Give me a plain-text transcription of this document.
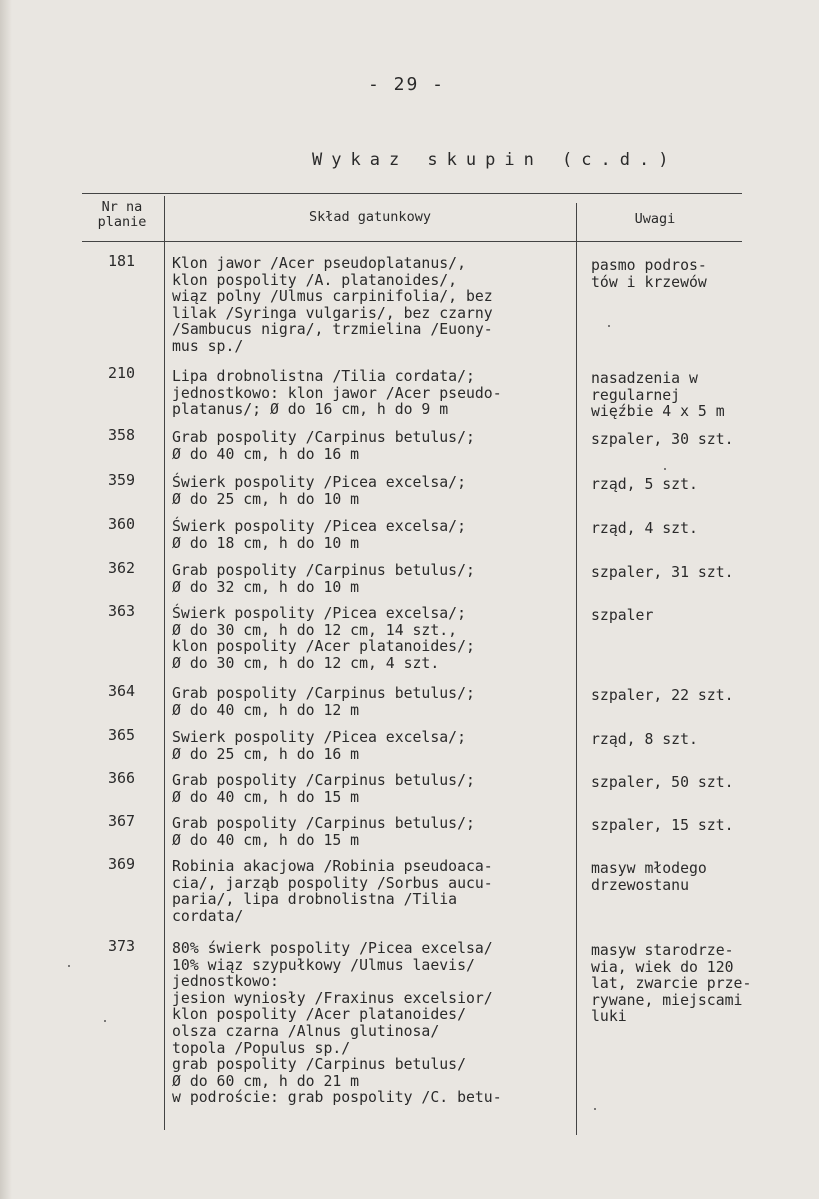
- 29 -
Wykaz skupin (c.d.)
Nr na
planie	Skład gatunkowy	Uwagi
181 Klon jawor /Acer pseudoplatanus/,
klon pospolity /A. platanoides/,
wiąz polny /Ulmus carpinifolia/, bez
lilak /Syringa vulgaris/, bez czarny
/Sambucus nigra/, trzmielina /Euony-
mus sp./
pasmo podros-
tów i krzewów
210 Lipa drobnolistna /Tilia cordata/;
jednostkowo: klon jawor /Acer pseudo-
platanus/; Ø do 16 cm, h do 9 m
nasadzenia w
regularnej
więźbie 4 x 5 m
358 Grab pospolity /Carpinus betulus/;
Ø do 40 cm, h do 16 m
szpaler, 30 szt.
359 Świerk pospolity /Picea excelsa/;
Ø do 25 cm, h do 10 m
rząd, 5 szt.
360 Świerk pospolity /Picea excelsa/;
Ø do 18 cm, h do 10 m
rząd, 4 szt.
362 Grab pospolity /Carpinus betulus/;
Ø do 32 cm, h do 10 m
szpaler, 31 szt.
363 Świerk pospolity /Picea excelsa/;
Ø do 30 cm, h do 12 cm, 14 szt.,
klon pospolity /Acer platanoides/;
Ø do 30 cm, h do 12 cm, 4 szt.
szpaler
364 Grab pospolity /Carpinus betulus/;
Ø do 40 cm, h do 12 m
szpaler, 22 szt.
365 Swierk pospolity /Picea excelsa/;
Ø do 25 cm, h do 16 m
rząd, 8 szt.
366 Grab pospolity /Carpinus betulus/;
Ø do 40 cm, h do 15 m
szpaler, 50 szt.
367 Grab pospolity /Carpinus betulus/;
Ø do 40 cm, h do 15 m
szpaler, 15 szt.
369 Robinia akacjowa /Robinia pseudoaca-
cia/, jarząb pospolity /Sorbus aucu-
paria/, lipa drobnolistna /Tilia
cordata/
masyw młodego
drzewostanu
373 80% świerk pospolity /Picea excelsa/
10% wiąz szypułkowy /Ulmus laevis/
jednostkowo:
jesion wyniosły /Fraxinus excelsior/
klon pospolity /Acer platanoides/
olsza czarna /Alnus glutinosa/
topola /Populus sp./
grab pospolity /Carpinus betulus/
Ø do 60 cm, h do 21 m
w podroście: grab pospolity /C. betu-
masyw starodrze-
wia, wiek do 120
lat, zwarcie prze-
rywane, miejscami
luki
